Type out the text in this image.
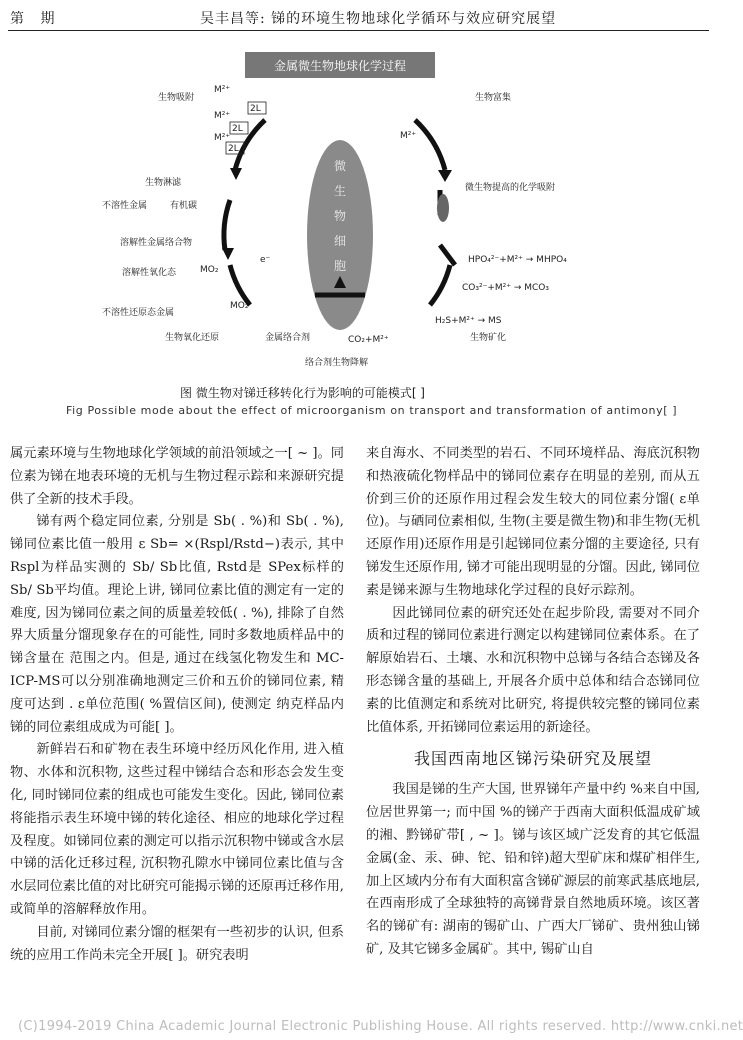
第 期	吴丰昌等: 锑的环境生物地球化学循环与效应研究展望
金属微生物地球化学过程
微
生
物
细
胞
生物吸附
M²⁺
M²⁺
M²⁺
2L
2L
2L
生物富集
M²⁺
生物淋滤
不溶性金属	有机碳
溶解性金属络合物
溶解性氧化态	MO₂
e⁻
不溶性还原态金属
MO₂
生物氧化还原	金属络合剂	CO₂+M²⁺
络合剂生物降解
微生物提高的化学吸附
HPO₄²⁻+M²⁺ → MHPO₄
CO₃²⁻+M²⁺ → MCO₃
H₂S+M²⁺ → MS
生物矿化
图 微生物对锑迁移转化行为影响的可能模式[ ]
Fig Possible mode about the effect of microorganism on transport and transformation of antimony[ ]

属元素环境与生物地球化学领域的前沿领域之一[ ~ ]。同位素为锑在地表环境的无机与生物过程示踪和来源研究提供了全新的技术手段。

锑有两个稳定同位素, 分别是 Sb( . %)和 Sb( . %), 锑同位素比值一般用 ε Sb= ×(Rspl/Rstd−)表示, 其中 Rspl为样品实测的 Sb/ Sb比值, Rstd是 SPex标样的 Sb/ Sb平均值。理论上讲, 锑同位素比值的测定有一定的难度, 因为锑同位素之间的质量差较低( . %), 排除了自然界大质量分馏现象存在的可能性, 同时多数地质样品中的锑含量在 范围之内。但是, 通过在线氢化物发生和 MC-ICP-MS可以分别准确地测定三价和五价的锑同位素, 精度可达到 . ε单位范围( %置信区间), 使测定 纳克样品内锑的同位素组成成为可能[ ]。

新鲜岩石和矿物在表生环境中经历风化作用, 进入植物、水体和沉积物, 这些过程中锑结合态和形态会发生变化, 同时锑同位素的组成也可能发生变化。因此, 锑同位素将能指示表生环境中锑的转化途径、相应的地球化学过程及程度。如锑同位素的测定可以指示沉积物中锑或含水层中锑的活化迁移过程, 沉积物孔隙水中锑同位素比值与含水层同位素比值的对比研究可能揭示锑的还原再迁移作用, 或简单的溶解释放作用。

目前, 对锑同位素分馏的框架有一些初步的认识, 但系统的应用工作尚未完全开展[ ]。研究表明

来自海水、不同类型的岩石、不同环境样品、海底沉积物和热液硫化物样品中的锑同位素存在明显的差别, 而从五价到三价的还原作用过程会发生较大的同位素分馏( ε单位)。与硒同位素相似, 生物(主要是微生物)和非生物(无机还原作用)还原作用是引起锑同位素分馏的主要途径, 只有锑发生还原作用, 锑才可能出现明显的分馏。因此, 锑同位素是锑来源与生物地球化学过程的良好示踪剂。

因此锑同位素的研究还处在起步阶段, 需要对不同介质和过程的锑同位素进行测定以构建锑同位素体系。在了解原始岩石、土壤、水和沉积物中总锑与各结合态锑及各形态锑含量的基础上, 开展各介质中总体和结合态锑同位素的比值测定和系统对比研究, 将提供较完整的锑同位素比值体系, 开拓锑同位素运用的新途径。

我国西南地区锑污染研究及展望

我国是锑的生产大国, 世界锑年产量中约 %来自中国, 位居世界第一; 而中国 %的锑产于西南大面积低温成矿域的湘、黔锑矿带[ , ~ ]。锑与该区域广泛发育的其它低温金属(金、汞、砷、铊、铅和锌)超大型矿床和煤矿相伴生, 加上区域内分布有大面积富含锑矿源层的前寒武基底地层, 在西南形成了全球独特的高锑背景自然地质环境。该区著名的锑矿有: 湖南的锡矿山、广西大厂锑矿、贵州独山锑矿, 及其它锑多金属矿。其中, 锡矿山自

(C)1994-2019 China Academic Journal Electronic Publishing House. All rights reserved. http://www.cnki.net
